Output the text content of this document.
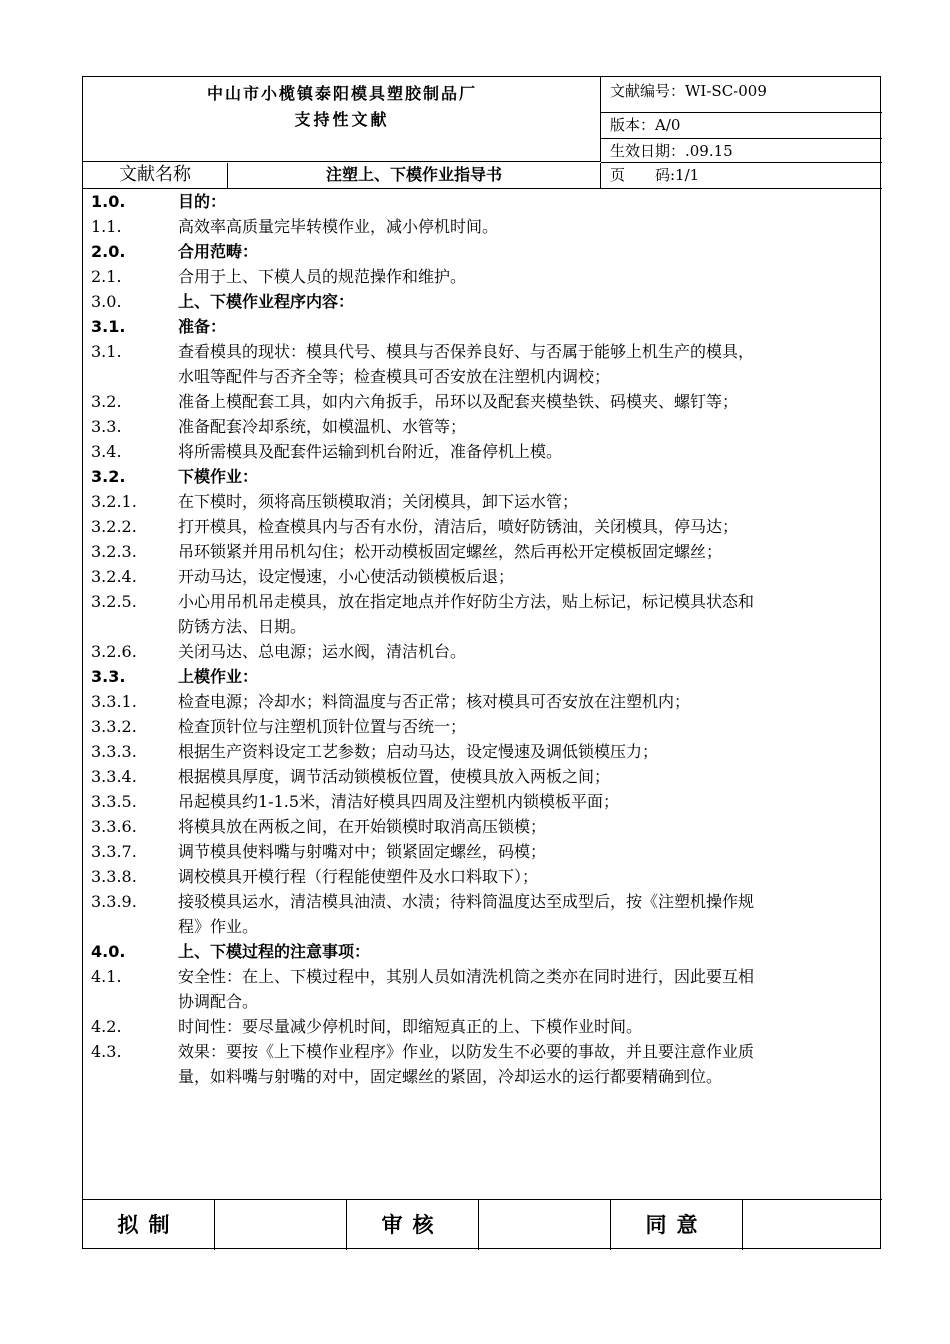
中山市小榄镇泰阳模具塑胶制品厂
支持性文献
文献编号：WI-SC-009
版本：A/0
生效日期：.09.15
文献名称	注塑上、下模作业指导书	页　　码:1/1
1.0.	目的：
1.1.	高效率高质量完毕转模作业，减小停机时间。
2.0.	合用范畴：
2.1.	合用于上、下模人员的规范操作和维护。
3.0.	上、下模作业程序内容：
3.1.	准备：
3.1.	查看模具的现状：模具代号、模具与否保养良好、与否属于能够上机生产的模具，
水咀等配件与否齐全等；检查模具可否安放在注塑机内调校；
3.2.	准备上模配套工具，如内六角扳手，吊环以及配套夹模垫铁、码模夹、螺钉等；
3.3.	准备配套冷却系统，如模温机、水管等；
3.4.	将所需模具及配套件运输到机台附近，准备停机上模。
3.2.	下模作业：
3.2.1.	在下模时，须将高压锁模取消；关闭模具，卸下运水管；
3.2.2.	打开模具，检查模具内与否有水份，清洁后，喷好防锈油，关闭模具，停马达；
3.2.3.	吊环锁紧并用吊机勾住；松开动模板固定螺丝，然后再松开定模板固定螺丝；
3.2.4.	开动马达，设定慢速，小心使活动锁模板后退；
3.2.5.	小心用吊机吊走模具，放在指定地点并作好防尘方法，贴上标记，标记模具状态和
防锈方法、日期。
3.2.6.	关闭马达、总电源；运水阀，清洁机台。
3.3.	上模作业：
3.3.1.	检查电源；冷却水；料筒温度与否正常；核对模具可否安放在注塑机内；
3.3.2.	检查顶针位与注塑机顶针位置与否统一；
3.3.3.	根据生产资料设定工艺参数；启动马达，设定慢速及调低锁模压力；
3.3.4.	根据模具厚度，调节活动锁模板位置，使模具放入两板之间；
3.3.5.	吊起模具约1-1.5米，清洁好模具四周及注塑机内锁模板平面；
3.3.6.	将模具放在两板之间，在开始锁模时取消高压锁模；
3.3.7.	调节模具使料嘴与射嘴对中；锁紧固定螺丝，码模；
3.3.8.	调校模具开模行程（行程能使塑件及水口料取下）；
3.3.9.	接驳模具运水，清洁模具油渍、水渍；待料筒温度达至成型后，按《注塑机操作规
程》作业。
4.0.	上、下模过程的注意事项：
4.1.	安全性：在上、下模过程中，其别人员如清洗机筒之类亦在同时进行，因此要互相
协调配合。
4.2.	时间性：要尽量减少停机时间，即缩短真正的上、下模作业时间。
4.3.	效果：要按《上下模作业程序》作业，以防发生不必要的事故，并且要注意作业质
量，如料嘴与射嘴的对中，固定螺丝的紧固，冷却运水的运行都要精确到位。
拟制	审核	同意
